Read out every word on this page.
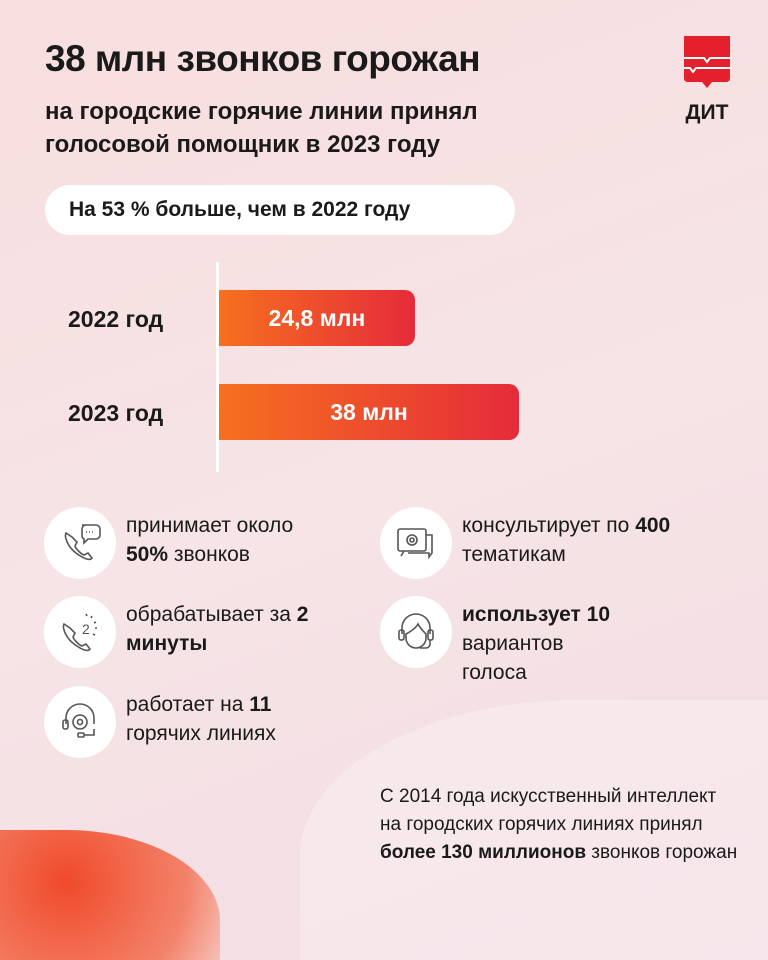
38 млн звонков горожан
на городские горячие линии принял голосовой помощник в 2023 году
ДИТ
На 53 % больше, чем в 2022 году
2022 год
2023 год
24,8 млн
38 млн
принимает около
50% звонков
2
обрабатывает за 2 минуты
работает на 11 горячих линиях
консультирует по 400 тематикам
использует 10 вариантов голоса
С 2014 года искусственный интеллект на городских горячих линиях принял более 130 миллионов звонков горожан
